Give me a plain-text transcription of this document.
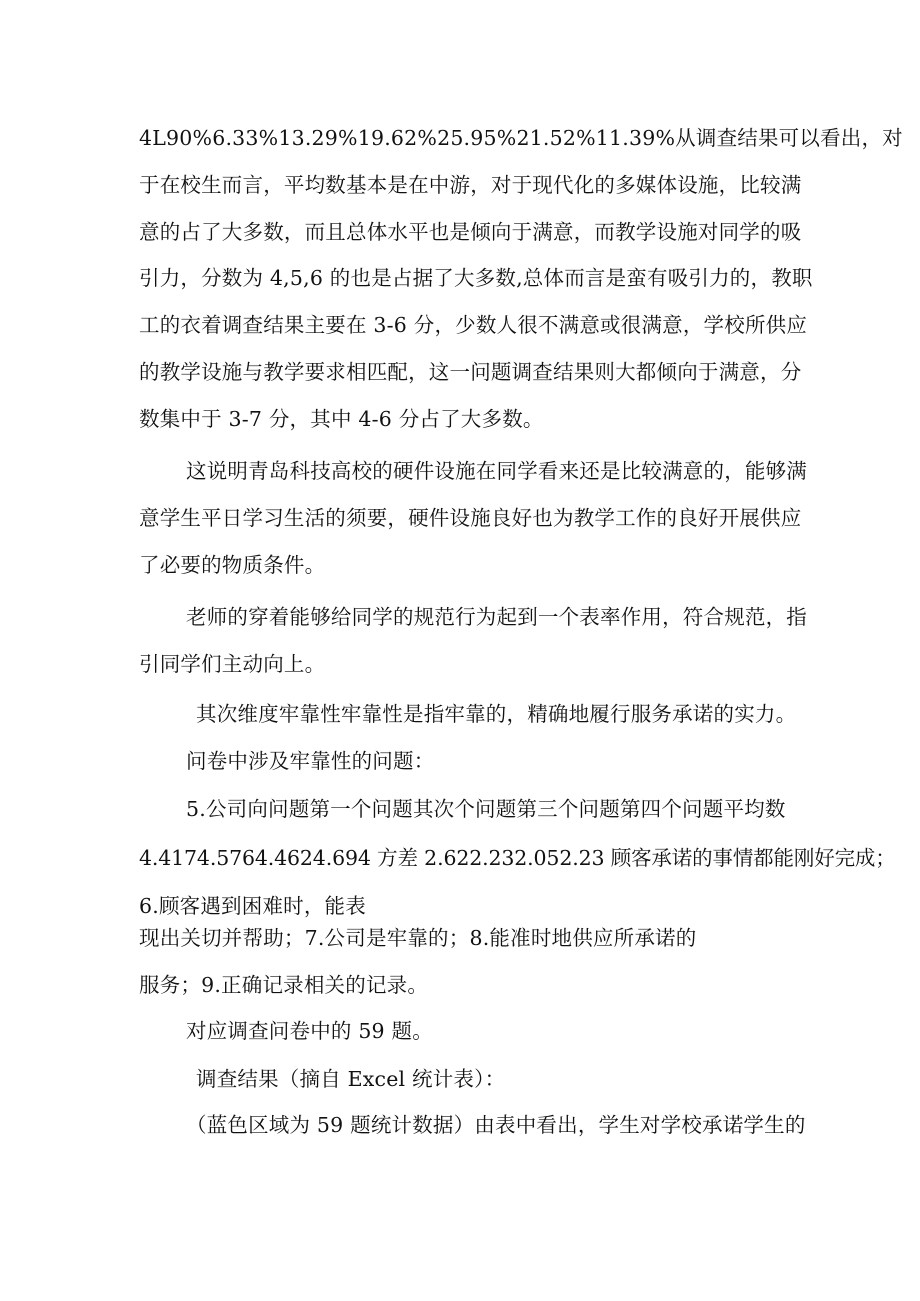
4L90%6.33%13.29%19.62%25.95%21.52%11.39%从调查结果可以看出，对
于在校生而言，平均数基本是在中游，对于现代化的多媒体设施，比较满
意的占了大多数，而且总体水平也是倾向于满意，而教学设施对同学的吸
引力，分数为 4,5,6 的也是占据了大多数,总体而言是蛮有吸引力的，教职
工的衣着调查结果主要在 3-6 分，少数人很不满意或很满意，学校所供应
的教学设施与教学要求相匹配，这一问题调查结果则大都倾向于满意，分
数集中于 3-7 分，其中 4-6 分占了大多数。
这说明青岛科技高校的硬件设施在同学看来还是比较满意的，能够满
意学生平日学习生活的须要，硬件设施良好也为教学工作的良好开展供应
了必要的物质条件。
老师的穿着能够给同学的规范行为起到一个表率作用，符合规范，指
引同学们主动向上。
其次维度牢靠性牢靠性是指牢靠的，精确地履行服务承诺的实力。
问卷中涉及牢靠性的问题：
5.公司向问题第一个问题其次个问题第三个问题第四个问题平均数
4.4174.5764.4624.694 方差 2.622.232.052.23 顾客承诺的事情都能刚好完成；
6.顾客遇到困难时，能表
现出关切并帮助；7.公司是牢靠的；8.能准时地供应所承诺的
服务；9.正确记录相关的记录。
对应调查问卷中的 59 题。
调查结果（摘自 Excel 统计表）：
（蓝色区域为 59 题统计数据）由表中看出，学生对学校承诺学生的
